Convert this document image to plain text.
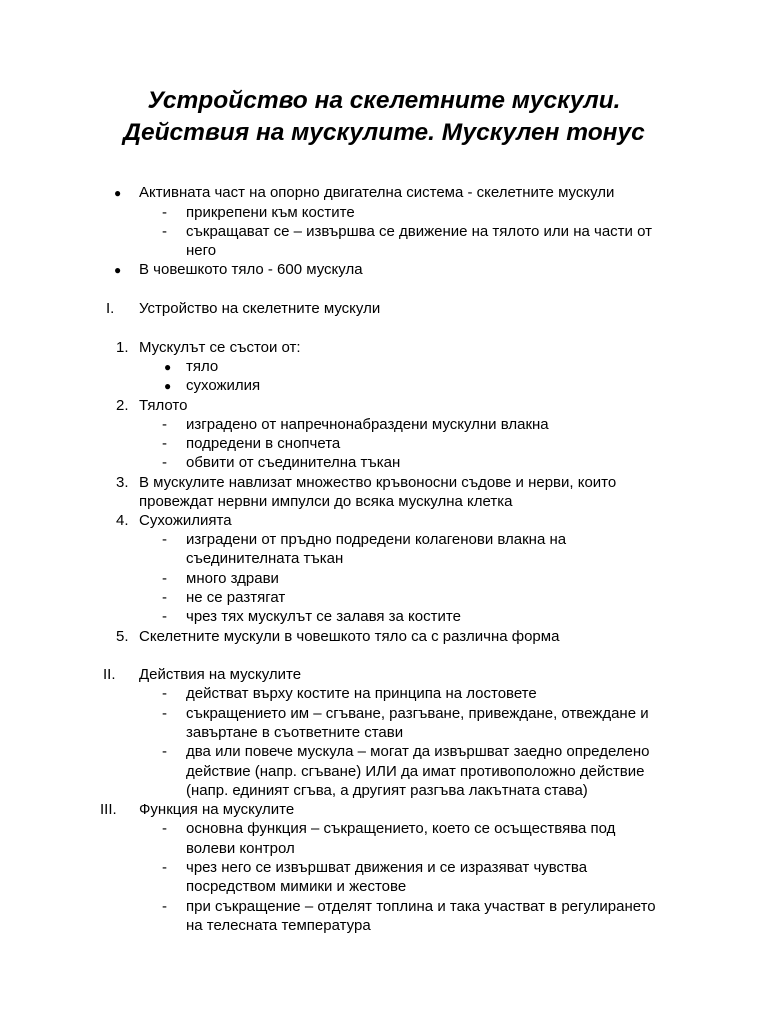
Устройство на скелетните мускули.
Действия на мускулите. Мускулен тонус
● Активната част на опорно двигателна система - скелетните мускули
- прикрепени към костите
- съкращават се – извършва се движение на тялото или на части от
него
● В човешкото тяло - 600 мускула
I. Устройство на скелетните мускули
1. Мускулът се състои от:
● тяло
● сухожилия
2. Тялото
- изградено от напречнонабраздени мускулни влакна
- подредени в снопчета
- обвити от съединителна тъкан
3. В мускулите навлизат множество кръвоносни съдове и нерви, които
провеждат нервни импулси до всяка мускулна клетка
4. Сухожилията
- изградени от пръдно подредени колагенови влакна на
съединителната тъкан
- много здрави
- не се разтягат
- чрез тях мускулът се залавя за костите
5. Скелетните мускули в човешкото тяло са с различна форма
II. Действия на мускулите
- действат върху костите на принципа на лостовете
- съкращението им – сгъване, разгъване, привеждане, отвеждане и
завъртане в съответните стави
- два или повече мускула – могат да извършват заедно определено
действие (напр. сгъване) ИЛИ да имат противоположно действие
(напр. единият сгъва, а другият разгъва лакътната става)
III. Функция на мускулите
- основна функция – съкращението, което се осъществява под
волеви контрол
- чрез него се извършват движения и се изразяват чувства
посредством мимики и жестове
- при съкращение – отделят топлина и така участват в регулирането
на телесната температура
